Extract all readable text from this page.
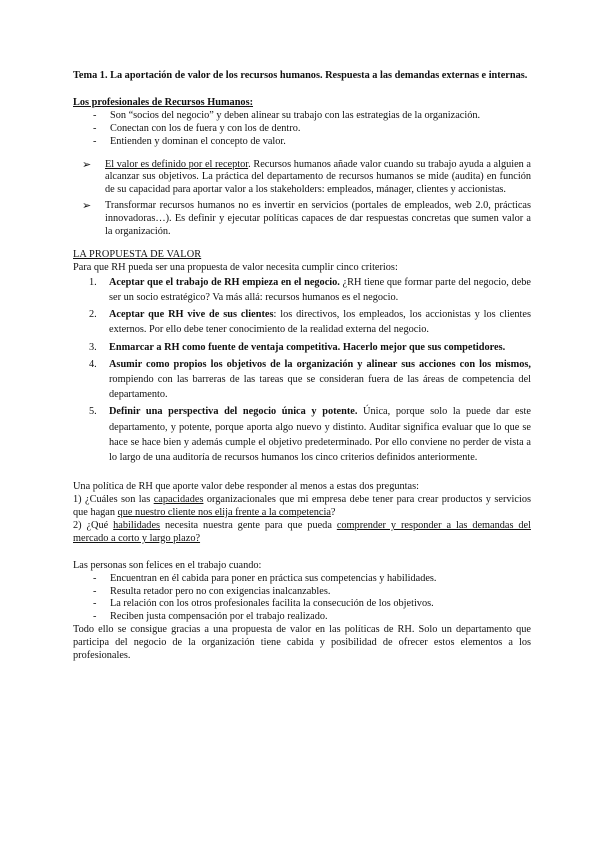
Tema 1. La aportación de valor de los recursos humanos. Respuesta a las demandas externas e internas.

Los profesionales de Recursos Humanos:

- Son “socios del negocio” y deben alinear su trabajo con las estrategias de la organización.
- Conectan con los de fuera y con los de dentro.
- Entienden y dominan el concepto de valor.
➢ El valor es definido por el receptor. Recursos humanos añade valor cuando su trabajo ayuda a alguien a alcanzar sus objetivos. La práctica del departamento de recursos humanos se mide (audita) en función de su capacidad para aportar valor a los stakeholders: empleados, mánager, clientes y accionistas.
➢ Transformar recursos humanos no es invertir en servicios (portales de empleados, web 2.0, prácticas innovadoras…). Es definir y ejecutar políticas capaces de dar respuestas concretas que sumen valor a la organización.

LA PROPUESTA DE VALOR

Para que RH pueda ser una propuesta de valor necesita cumplir cinco criterios:

1. Aceptar que el trabajo de RH empieza en el negocio. ¿RH tiene que formar parte del negocio, debe ser un socio estratégico? Va más allá: recursos humanos es el negocio.
2. Aceptar que RH vive de sus clientes: los directivos, los empleados, los accionistas y los clientes externos. Por ello debe tener conocimiento de la realidad externa del negocio.
3. Enmarcar a RH como fuente de ventaja competitiva. Hacerlo mejor que sus competidores.
4. Asumir como propios los objetivos de la organización y alinear sus acciones con los mismos, rompiendo con las barreras de las tareas que se consideran fuera de las áreas de competencia del departamento.
5. Definir una perspectiva del negocio única y potente. Única, porque solo la puede dar este departamento, y potente, porque aporta algo nuevo y distinto. Auditar significa evaluar que lo que se hace se hace bien y además cumple el objetivo predeterminado. Por ello conviene no perder de vista a lo largo de una auditoría de recursos humanos los cinco criterios definidos anteriormente.

Una política de RH que aporte valor debe responder al menos a estas dos preguntas:

1) ¿Cuáles son las capacidades organizacionales que mi empresa debe tener para crear productos y servicios que hagan que nuestro cliente nos elija frente a la competencia?

2) ¿Qué habilidades necesita nuestra gente para que pueda comprender y responder a las demandas del mercado a corto y largo plazo?

Las personas son felices en el trabajo cuando:

- Encuentran en él cabida para poner en práctica sus competencias y habilidades.
- Resulta retador pero no con exigencias inalcanzables.
- La relación con los otros profesionales facilita la consecución de los objetivos.
- Reciben justa compensación por el trabajo realizado.

Todo ello se consigue gracias a una propuesta de valor en las políticas de RH. Solo un departamento que participa del negocio de la organización tiene cabida y posibilidad de ofrecer estos elementos a los profesionales.
